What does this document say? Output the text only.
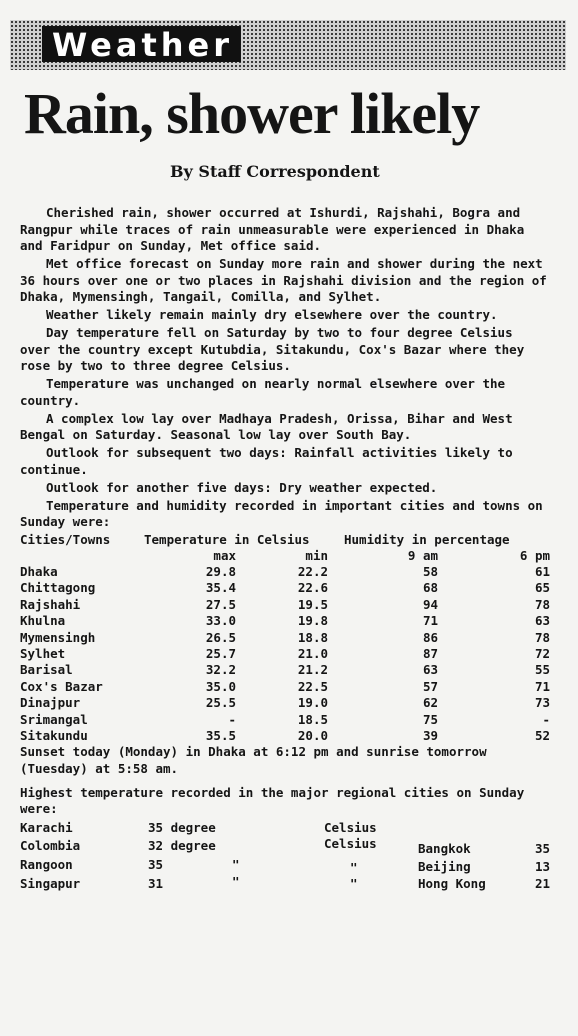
Weather
Rain, shower likely
By Staff Correspondent

Cherished rain, shower occurred at Ishurdi, Rajshahi, Bogra and Rangpur while traces of rain unmeasurable were experienced in Dhaka and Faridpur on Sunday, Met office said.

Met office forecast on Sunday more rain and shower during the next 36 hours over one or two places in Rajshahi division and the region of Dhaka, Mymensingh, Tangail, Comilla, and Sylhet.

Weather likely remain mainly dry elsewhere over the country.

Day temperature fell on Saturday by two to four degree Celsius over the country except Kutubdia, Sitakundu, Cox's Bazar where they rose by two to three degree Celsius.

Temperature was unchanged on nearly normal elsewhere over the country.

A complex low lay over Madhaya Pradesh, Orissa, Bihar and West Bengal on Saturday. Seasonal low lay over South Bay.

Outlook for subsequent two days: Rainfall activities likely to continue.

Outlook for another five days: Dry weather expected.

Temperature and humidity recorded in important cities and towns on Sunday were:

Cities/Towns	Temperature in Celsius	Humidity in percentage
max	min	9 am	6 pm
Dhaka	29.8	22.2	58	61
Chittagong	35.4	22.6	68	65
Rajshahi	27.5	19.5	94	78
Khulna	33.0	19.8	71	63
Mymensingh	26.5	18.8	86	78
Sylhet	25.7	21.0	87	72
Barisal	32.2	21.2	63	55
Cox's Bazar	35.0	22.5	57	71
Dinajpur	25.5	19.0	62	73
Srimangal	-	18.5	75	-
Sitakundu	35.5	20.0	39	52

Sunset today (Monday) in Dhaka at 6:12 pm and sunrise tomorrow (Tuesday) at 5:58 am.

Highest temperature recorded in the major regional cities on Sunday were:

Karachi	35 degree	Celsius
Colombia	32 degree	Celsius	Bangkok	35
Rangoon	35	"	"	Beijing	13
Singapur	31	"	"	Hong Kong	21
